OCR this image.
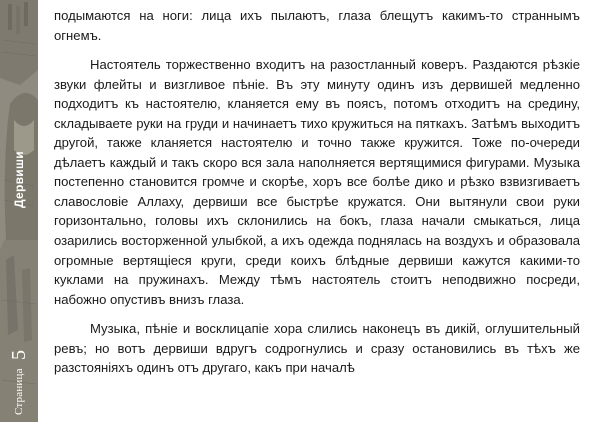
Дервиши
Страница 5

подымаются на ноги: лица ихъ пылаютъ, глаза блещутъ какимъ-то страннымъ огнемъ.

Настоятель торжественно входитъ на разостланный коверъ. Раздаются рѣзкіе звуки флейты и визгливое пѣніе. Въ эту минуту одинъ изъ дервишей медленно подходитъ къ настоятелю, кланяется ему въ поясъ, потомъ отходитъ на средину, складываете руки на груди и начинаетъ тихо кружиться на пяткахъ. Затѣмъ выходитъ другой, также кланяется настоятелю и точно также кружится. Тоже по-очереди дѣлаетъ каждый и такъ скоро вся зала наполняется вертящимися фигурами. Музыка постепенно становится громче и скорѣе, хоръ все болѣе дико и рѣзко взвизгиваетъ славословіе Аллаху, дервиши все быстрѣе кружатся. Они вытянули свои руки горизонтально, головы ихъ склонились на бокъ, глаза начали смыкаться, лица озарились восторженной улыбкой, а ихъ одежда поднялась на воздухъ и образовала огромные вертящіеся круги, среди коихъ блѣдные дервиши кажутся какими-то куклами на пружинахъ. Между тѣмъ настоятель стоитъ неподвижно посреди, набожно опустивъ внизъ глаза.

Музыка, пѣніе и восклицапіе хора слились наконецъ въ дикій, оглушительный ревъ; но вотъ дервиши вдругъ содрогнулись и сразу остановились въ тѣхъ же разстояніяхъ одинъ отъ другаго, какъ при началѣ
